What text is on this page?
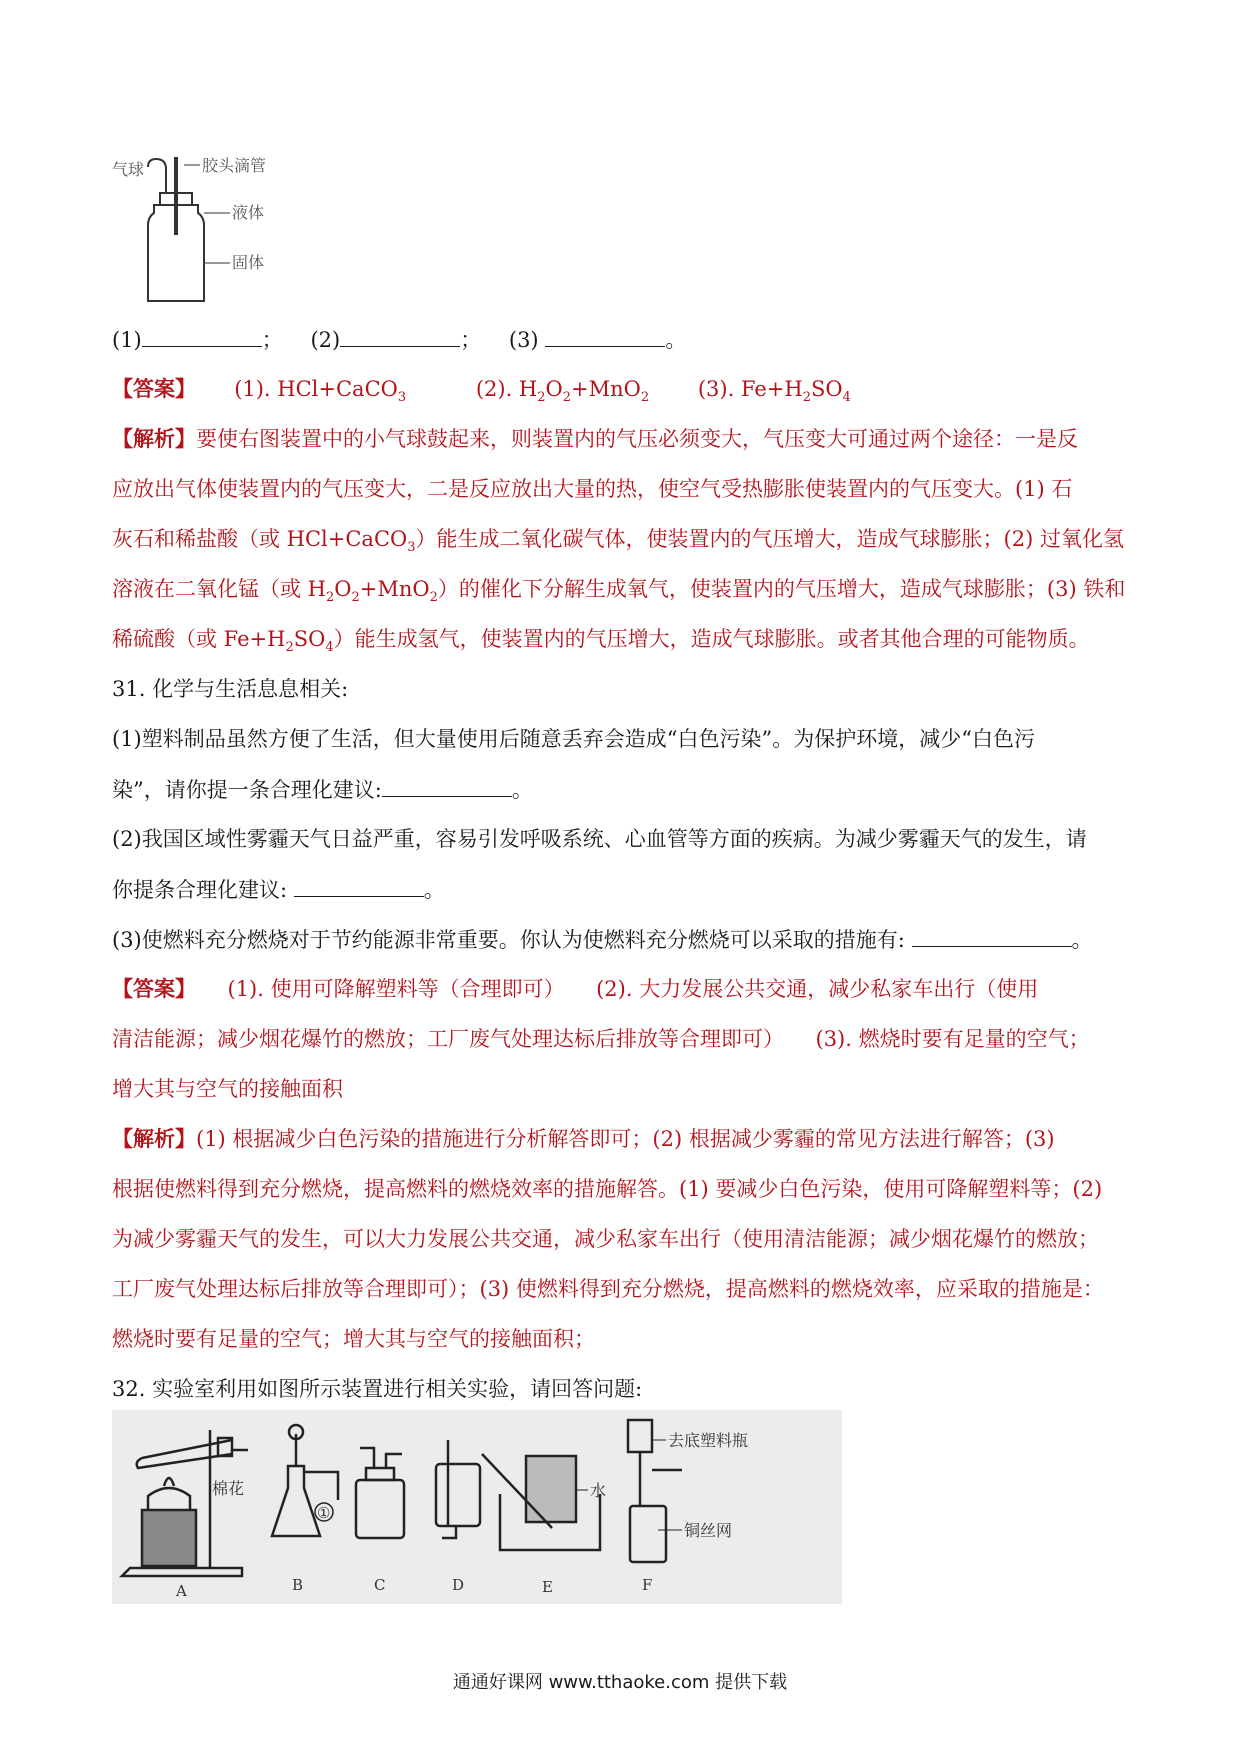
气球	胶头滴管
液体
固体
(1)	； 　 (2)	； 　 (3)	。
【答案】　　 (1). HCl+CaCO$_3$　　　	(2). $H_2O_2+MnO_2$　　 (3). $Fe+H_2SO_4$
【解析】要使右图装置中的小气球鼓起来，则装置内的气压必须变大，气压变大可通过两个途径：一是反
应放出气体使装置内的气压变大，二是反应放出大量的热，使空气受热膨胀使装置内的气压变大。(1) 石
灰石和稀盐酸（或 HCl+CaCO$_3$）能生成二氧化碳气体，使装置内的气压增大，造成气球膨胀；(2) 过氧化氢
溶液在二氧化锰（或 $H_2O_2+MnO_2$）的催化下分解生成氧气，使装置内的气压增大，造成气球膨胀；(3) 铁和
稀硫酸（或 $Fe+H_2SO_4$）能生成氢气，使装置内的气压增大，造成气球膨胀。或者其他合理的可能物质。
31. 化学与生活息息相关:
(1)塑料制品虽然方便了生活，但大量使用后随意丢弃会造成“白色污染”。为保护环境，减少“白色污
染”，请你提一条合理化建议:	。
(2)我国区域性雾霾天气日益严重，容易引发呼吸系统、心血管等方面的疾病。为减少雾霾天气的发生，请
你提条合理化建议:	。
(3)使燃料充分燃烧对于节约能源非常重要。你认为使燃料充分燃烧可以采取的措施有:	。
【答案】　　 (1). 使用可降解塑料等（合理即可）　　(2). 大力发展公共交通，减少私家车出行（使用
清洁能源；减少烟花爆竹的燃放；工厂废气处理达标后排放等合理即可）　　(3). 燃烧时要有足量的空气；
增大其与空气的接触面积
【解析】(1) 根据减少白色污染的措施进行分析解答即可；(2) 根据减少雾霾的常见方法进行解答；(3)
根据使燃料得到充分燃烧，提高燃料的燃烧效率的措施解答。(1) 要减少白色污染，使用可降解塑料等；(2)
为减少雾霾天气的发生，可以大力发展公共交通，减少私家车出行（使用清洁能源；减少烟花爆竹的燃放；
工厂废气处理达标后排放等合理即可）；(3) 使燃料得到充分燃烧，提高燃料的燃烧效率，应采取的措施是：
燃烧时要有足量的空气；增大其与空气的接触面积；
32. 实验室利用如图所示装置进行相关实验，请回答问题:
棉花
①
水
去底塑料瓶
铜丝网
A	B	C	D	E	F
通通好课网 www.tthaoke.com 提供下载
